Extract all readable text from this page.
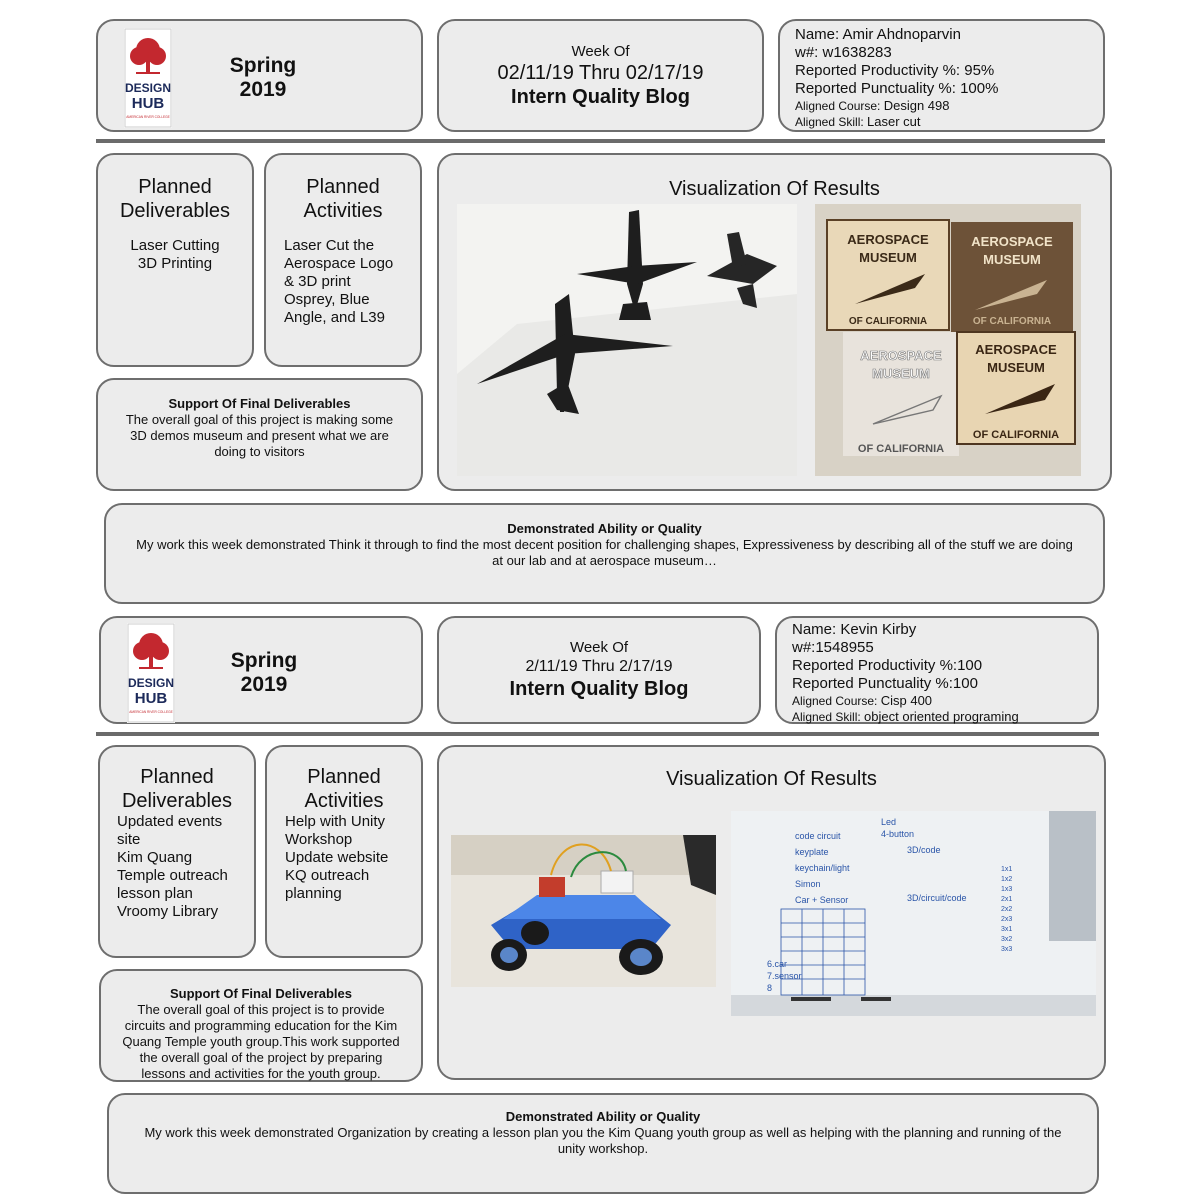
DESIGN
HUB
AMERICAN RIVER COLLEGE
Spring
2019
Week Of
02/11/19 Thru 02/17/19
Intern Quality Blog
Name: Amir Ahdnoparvin
w#: w1638283
Reported Productivity %: 95%
Reported Punctuality %: 100%
Aligned Course: Design 498
Aligned Skill: Laser cut
Planned Deliverables
Laser Cutting
3D Printing
Planned Activities
Laser Cut the
Aerospace Logo
& 3D print
Osprey, Blue
Angle, and L39
Support Of Final Deliverables
The overall goal of this project is making some 3D demos museum and present what we are doing to visitors
Visualization Of Results
AEROSPACE
MUSEUM
OF CALIFORNIA
AEROSPACE
MUSEUM
OF CALIFORNIA
AEROSPACE
MUSEUM
OF CALIFORNIA
AEROSPACE
MUSEUM
OF CALIFORNIA
Demonstrated Ability or Quality
My work this week demonstrated Think it through to find the most decent position for challenging shapes, Expressiveness by describing all of the stuff we are doing at our lab and at aerospace museum…
DESIGN
HUB
AMERICAN RIVER COLLEGE
Spring
2019
Week Of
2/11/19 Thru 2/17/19
Intern Quality Blog
Name: Kevin Kirby
w#:1548955
Reported Productivity %:100
Reported Punctuality %:100
Aligned Course: Cisp 400
Aligned Skill: object oriented programing
Planned Deliverables
Updated events
site
Kim Quang
Temple outreach
lesson plan
Vroomy Library
Planned Activities
Help with Unity
Workshop
Update website
KQ outreach
planning
Support Of Final Deliverables
The overall goal of this project is to provide circuits and programming education for the Kim Quang Temple youth group.This work supported the overall goal of the project by preparing lessons and activities for the youth group.
Visualization Of Results
code circuit
keyplate
keychain/light
Simon
Car + Sensor
3D/code
3D/circuit/code
Led
4-button
6.car
7.sensor
8
1x1
1x2
1x3
2x1
2x2
2x3
3x1
3x2
3x3
Demonstrated Ability or Quality
My work this week demonstrated Organization by creating a lesson plan you the Kim Quang youth group as well as helping with the planning and running of the unity workshop.
